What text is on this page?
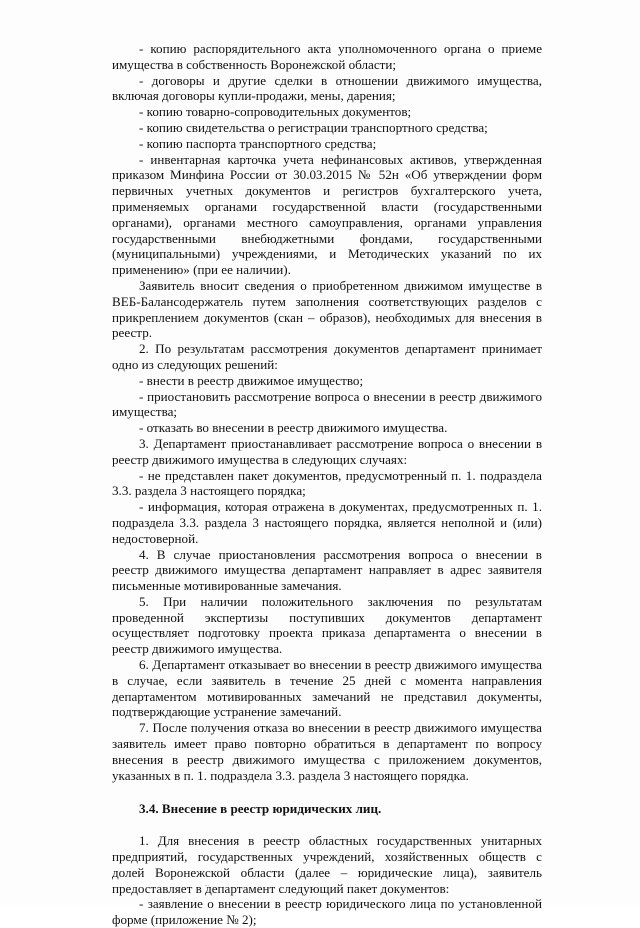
- копию распорядительного акта уполномоченного органа о приеме имущества в собственность Воронежской области;

- договоры и другие сделки в отношении движимого имущества, включая договоры купли-продажи, мены, дарения;

- копию товарно-сопроводительных документов;

- копию свидетельства о регистрации транспортного средства;

- копию паспорта транспортного средства;

- инвентарная карточка учета нефинансовых активов, утвержденная приказом Минфина России от 30.03.2015 № 52н «Об утверждении форм первичных учетных документов и регистров бухгалтерского учета, применяемых органами государственной власти (государственными органами), органами местного самоуправления, органами управления государственными внебюджетными фондами, государственными (муниципальными) учреждениями, и Методических указаний по их применению» (при ее наличии).

Заявитель вносит сведения о приобретенном движимом имуществе в ВЕБ-Балансодержатель путем заполнения соответствующих разделов с прикреплением документов (скан – образов), необходимых для внесения в реестр.

2. По результатам рассмотрения документов департамент принимает одно из следующих решений:

- внести в реестр движимое имущество;

- приостановить рассмотрение вопроса о внесении в реестр движимого имущества;

- отказать во внесении в реестр движимого имущества.

3. Департамент приостанавливает рассмотрение вопроса о внесении в реестр движимого имущества в следующих случаях:

- не представлен пакет документов, предусмотренный п. 1. подраздела 3.3. раздела 3 настоящего порядка;

- информация, которая отражена в документах, предусмотренных п. 1. подраздела 3.3. раздела 3 настоящего порядка, является неполной и (или) недостоверной.

4. В случае приостановления рассмотрения вопроса о внесении в реестр движимого имущества департамент направляет в адрес заявителя письменные мотивированные замечания.

5. При наличии положительного заключения по результатам проведенной экспертизы поступивших документов департамент осуществляет подготовку проекта приказа департамента о внесении в реестр движимого имущества.

6. Департамент отказывает во внесении в реестр движимого имущества в случае, если заявитель в течение 25 дней с момента направления департаментом мотивированных замечаний не представил документы, подтверждающие устранение замечаний.

7. После получения отказа во внесении в реестр движимого имущества заявитель имеет право повторно обратиться в департамент по вопросу внесения в реестр движимого имущества с приложением документов, указанных в п. 1. подраздела 3.3. раздела 3 настоящего порядка.

3.4. Внесение в реестр юридических лиц.

1. Для внесения в реестр областных государственных унитарных предприятий, государственных учреждений, хозяйственных обществ с долей Воронежской области (далее – юридические лица), заявитель предоставляет в департамент следующий пакет документов:

- заявление о внесении в реестр юридического лица по установленной форме (приложение № 2);
